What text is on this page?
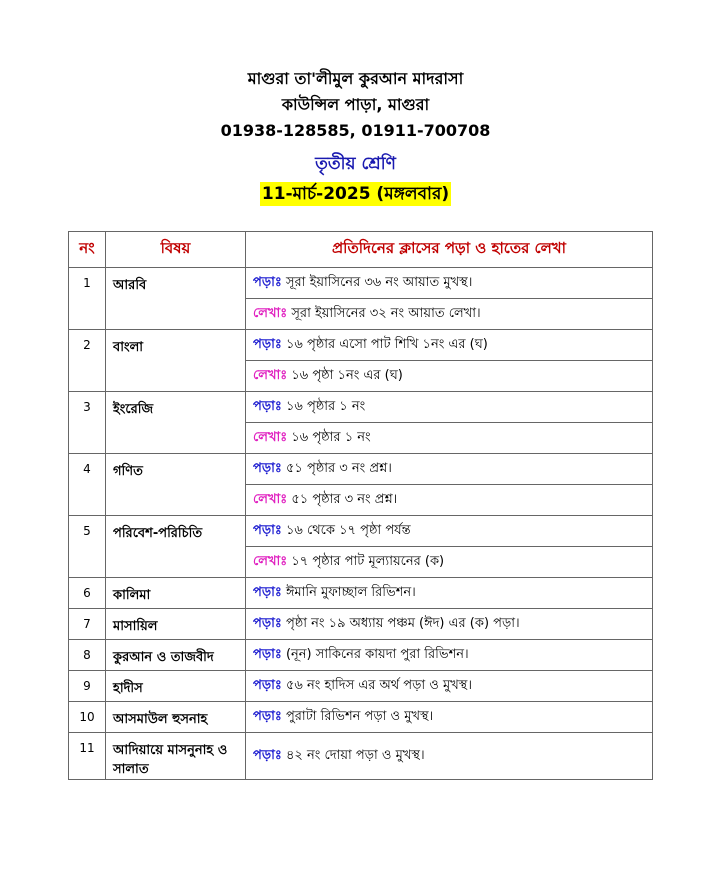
মাগুরা তা'লীমুল কুরআন মাদরাসা
কাউন্সিল পাড়া, মাগুরা
01938-128585, 01911-700708
তৃতীয় শ্রেণি
11-মার্চ-2025 (মঙ্গলবার)
নং	বিষয়	প্রতিদিনের ক্লাসের পড়া ও হাতের লেখা
1	আরবি	পড়াঃ সূরা ইয়াসিনের ৩৬ নং আয়াত মুখস্থ।
		লেখাঃ সূরা ইয়াসিনের ৩২ নং আয়াত লেখা।
2	বাংলা	পড়াঃ ১৬ পৃষ্ঠার এসো পাট শিখি ১নং এর (ঘ)
		লেখাঃ ১৬ পৃষ্ঠা ১নং এর (ঘ)
3	ইংরেজি	পড়াঃ ১৬ পৃষ্ঠার ১ নং
		লেখাঃ ১৬ পৃষ্ঠার ১ নং
4	গণিত	পড়াঃ ৫১ পৃষ্ঠার ৩ নং প্রশ্ন।
		লেখাঃ ৫১ পৃষ্ঠার ৩ নং প্রশ্ন।
5	পরিবেশ-পরিচিতি	পড়াঃ ১৬ থেকে ১৭ পৃষ্ঠা পর্যন্ত
		লেখাঃ ১৭ পৃষ্ঠার পাট মূল্যায়নের (ক)
6	কালিমা	পড়াঃ ঈমানি মুফাচ্ছাল রিভিশন।
7	মাসায়িল	পড়াঃ পৃষ্ঠা নং ১৯ অধ্যায় পঞ্চম (ঈদ) এর (ক) পড়া।
8	কুরআন ও তাজবীদ	পড়াঃ (নূন) সাকিনের কায়দা পুরা রিভিশন।
9	হাদীস	পড়াঃ ৫৬ নং হাদিস এর অর্থ পড়া ও মুখস্থ।
10	আসমাউল হুসনাহ	পড়াঃ পুরাটা রিভিশন পড়া ও মুখস্থ।
11	আদিয়ায়ে মাসনুনাহ ও সালাত	পড়াঃ ৪২ নং দোয়া পড়া ও মুখস্থ।
